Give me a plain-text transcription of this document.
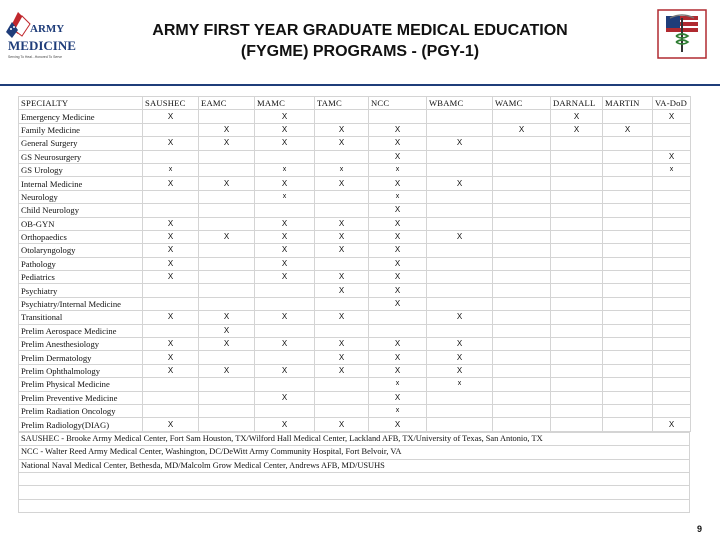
ARMY
MEDICINE
Serving To Heal...Honored To Serve
ARMY FIRST YEAR GRADUATE MEDICAL EDUCATION
(FYGME) PROGRAMS - (PGY-1)
SPECIALTY	SAUSHEC	EAMC	MAMC	TAMC	NCC	WBAMC	WAMC	DARNALL	MARTIN	VA-DoD
Emergency Medicine	X		X					X		X
Family Medicine		X	X	X	X		X	X	X	
General Surgery	X	X	X	X	X	X				
GS Neurosurgery					X					X
GS Urology	x		x	x	x					x
Internal Medicine	X	X	X	X	X	X				
Neurology			x		x					
Child Neurology					X					
OB-GYN	X		X	X	X					
Orthopaedics	X	X	X	X	X	X				
Otolaryngology	X		X	X	X					
Pathology	X		X		X					
Pediatrics	X		X	X	X					
Psychiatry				X	X					
Psychiatry/Internal Medicine					X					
Transitional	X	X	X	X		X				
Prelim Aerospace Medicine		X								
Prelim Anesthesiology	X	X	X	X	X	X				
Prelim Dermatology	X			X	X	X				
Prelim Ophthalmology	X	X	X	X	X	X				
Prelim Physical Medicine					x	x				
Prelim Preventive Medicine			X		X					
Prelim Radiation Oncology					x					
Prelim Radiology(DIAG)	X		X	X	X					X
SAUSHEC - Brooke Army Medical Center, Fort Sam Houston, TX/Wilford Hall Medical Center, Lackland AFB, TX/University of Texas, San Antonio, TX
NCC - Walter Reed Army Medical Center, Washington, DC/DeWitt Army Community Hospital, Fort Belvoir, VA
National Naval Medical Center, Bethesda, MD/Malcolm Grow Medical Center, Andrews AFB, MD/USUHS

9
